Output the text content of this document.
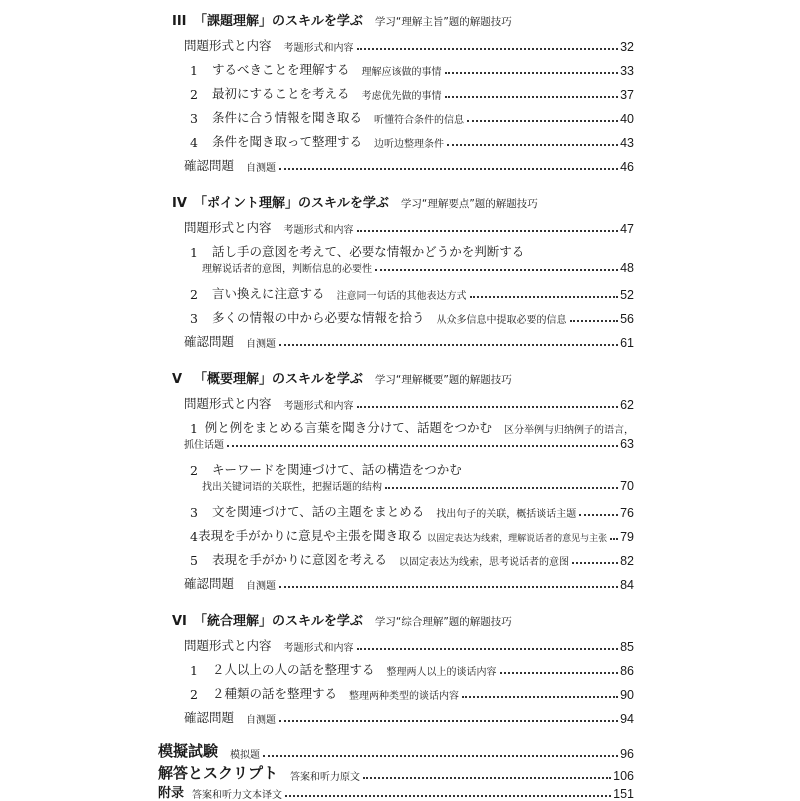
III 「課題理解」のスキルを学ぶ 学习“理解主旨”题的解题技巧
問題形式と内容 考题形式和内容	32
1	するべきことを理解する 理解应该做的事情	33
2	最初にすることを考える 考虑优先做的事情	37
3	条件に合う情報を聞き取る 听懂符合条件的信息	40
4	条件を聞き取って整理する 边听边整理条件	43
確認問題 自测题	46
IV 「ポイント理解」のスキルを学ぶ 学习“理解要点”题的解题技巧
問題形式と内容 考题形式和内容	47
1	話し手の意図を考えて、必要な情報かどうかを判断する
理解说话者的意图，判断信息的必要性	48
2	言い換えに注意する 注意同一句话的其他表达方式	52
3	多くの情報の中から必要な情報を拾う 从众多信息中提取必要的信息	56
確認問題 自测题	61
V 「概要理解」のスキルを学ぶ 学习“理解概要”题的解题技巧
問題形式と内容 考题形式和内容	62
1 例と例をまとめる言葉を聞き分けて、話題をつかむ 区分举例与归纳例子的语言，
抓住话题	63
2	キーワードを関連づけて、話の構造をつかむ
找出关键词语的关联性，把握话题的结构	70
3	文を関連づけて、話の主題をまとめる 找出句子的关联，概括谈话主题	76
4 表現を手がかりに意見や主張を聞き取る 以固定表达为线索，理解说话者的意见与主张 79
5	表現を手がかりに意図を考える 以固定表达为线索，思考说话者的意图	82
確認問題 自测题	84
VI 「統合理解」のスキルを学ぶ 学习“综合理解”题的解题技巧
問題形式と内容 考题形式和内容	85
1	２人以上の人の話を整理する 整理两人以上的谈话内容	86
2	２種類の話を整理する 整理两种类型的谈话内容	90
確認問題 自测题	94
模擬試験 模拟题	96
解答とスクリプト 答案和听力原文	106
附录 答案和听力文本译文	151
